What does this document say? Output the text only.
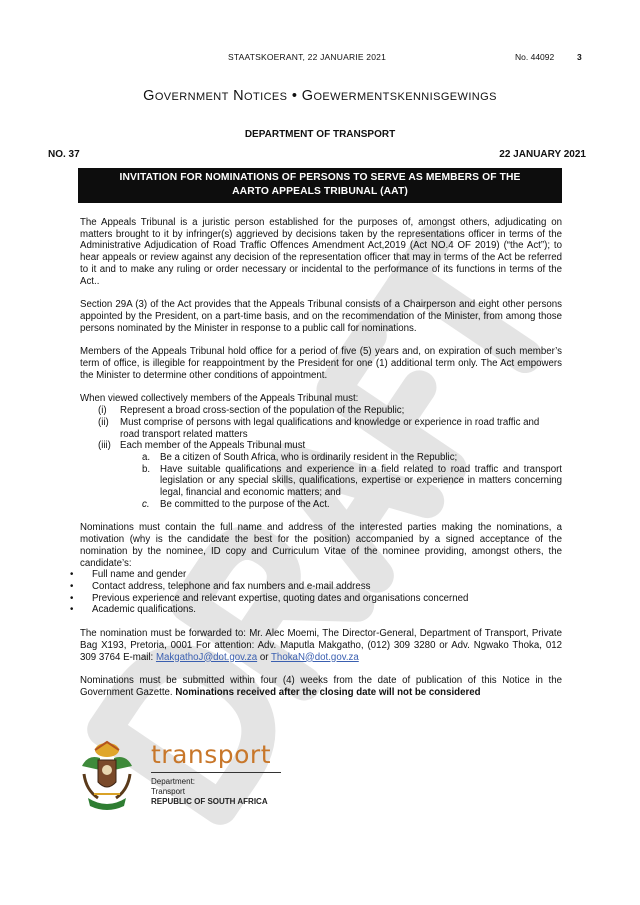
STAATSKOERANT, 22 JANUARIE 2021	No. 44092	3
GOVERNMENT NOTICES • GOEWERMENTSKENNISGEWINGS
DEPARTMENT OF TRANSPORT
NO. 37	22 JANUARY 2021
INVITATION FOR NOMINATIONS OF PERSONS TO SERVE AS MEMBERS OF THE
AARTO APPEALS TRIBUNAL (AAT)

The Appeals Tribunal is a juristic person established for the purposes of, amongst others, adjudicating on matters brought to it by infringer(s) aggrieved by decisions taken by the representations officer in terms of the Administrative Adjudication of Road Traffic Offences Amendment Act,2019 (Act NO.4 OF 2019) (“the Act”); to hear appeals or review against any decision of the representation officer that may in terms of the Act be referred to it and to make any ruling or order necessary or incidental to the performance of its functions in terms of the Act..

Section 29A (3) of the Act provides that the Appeals Tribunal consists of a Chairperson and eight other persons appointed by the President, on a part-time basis, and on the recommendation of the Minister, from among those persons nominated by the Minister in response to a public call for nominations.

Members of the Appeals Tribunal hold office for a period of five (5) years and, on expiration of such member’s term of office, is illegible for reappointment by the President for one (1) additional term only. The Act empowers the Minister to determine other conditions of appointment.

When viewed collectively members of the Appeals Tribunal must:

(i)	Represent a broad cross-section of the population of the Republic;
(ii)	Must comprise of persons with legal qualifications and knowledge or experience in road traffic and road transport related matters
(iii) Each member of the Appeals Tribunal must
a.	Be a citizen of South Africa, who is ordinarily resident in the Republic;
b.	Have suitable qualifications and experience in a field related to road traffic and transport legislation or any special skills, qualifications, expertise or experience in matters concerning legal, financial and economic matters; and
c.	Be committed to the purpose of the Act.

Nominations must contain the full name and address of the interested parties making the nominations, a motivation (why is the candidate the best for the position) accompanied by a signed acceptance of the nomination by the nominee, ID copy and Curriculum Vitae of the nominee providing, amongst others, the candidate’s:

•	Full name and gender
•	Contact address, telephone and fax numbers and e-mail address
•	Previous experience and relevant expertise, quoting dates and organisations concerned
•	Academic qualifications.

The nomination must be forwarded to: Mr. Alec Moemi, The Director-General, Department of Transport, Private Bag X193, Pretoria, 0001 For attention: Adv. Maputla Makgatho, (012) 309 3280 or Adv. Ngwako Thoka, 012 309 3764 E-mail: MakgathoJ@dot.gov.za or ThokaN@dot.gov.za

Nominations must be submitted within four (4) weeks from the date of publication of this Notice in the Government Gazette. Nominations received after the closing date will not be considered

transport
Department:
Transport
REPUBLIC OF SOUTH AFRICA
